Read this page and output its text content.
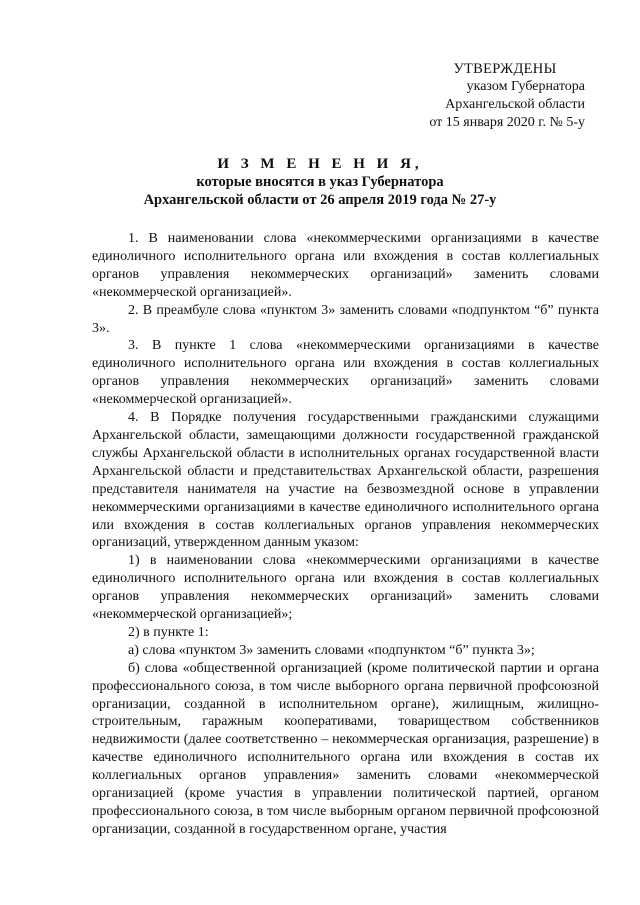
УТВЕРЖДЕНЫ
указом Губернатора
Архангельской области
от 15 января 2020 г. № 5-у
И З М Е Н Е Н И Я,
которые вносятся в указ Губернатора
Архангельской области от 26 апреля 2019 года № 27-у

1. В наименовании слова «некоммерческими организациями в качестве единоличного исполнительного органа или вхождения в состав коллегиальных органов управления некоммерческих организаций» заменить словами «некоммерческой организацией».

2. В преамбуле слова «пунктом 3» заменить словами «подпунктом “б” пункта 3».

3. В пункте 1 слова «некоммерческими организациями в качестве единоличного исполнительного органа или вхождения в состав коллегиальных органов управления некоммерческих организаций» заменить словами «некоммерческой организацией».

4. В Порядке получения государственными гражданскими служащими Архангельской области, замещающими должности государственной гражданской службы Архангельской области в исполнительных органах государственной власти Архангельской области и представительствах Архангельской области, разрешения представителя нанимателя на участие на безвозмездной основе в управлении некоммерческими организациями в качестве единоличного исполнительного органа или вхождения в состав коллегиальных органов управления некоммерческих организаций, утвержденном данным указом:

1) в наименовании слова «некоммерческими организациями в качестве единоличного исполнительного органа или вхождения в состав коллегиальных органов управления некоммерческих организаций» заменить словами «некоммерческой организацией»;

2) в пункте 1:

а) слова «пунктом 3» заменить словами «подпунктом “б” пункта 3»;

б) слова «общественной организацией (кроме политической партии и органа профессионального союза, в том числе выборного органа первичной профсоюзной организации, созданной в исполнительном органе), жилищным, жилищно-строительным, гаражным кооперативами, товариществом собственников недвижимости (далее соответственно – некоммерческая организация, разрешение) в качестве единоличного исполнительного органа или вхождения в состав их коллегиальных органов управления» заменить словами «некоммерческой организацией (кроме участия в управлении политической партией, органом профессионального союза, в том числе выборным органом первичной профсоюзной организации, созданной в государственном органе, участия
